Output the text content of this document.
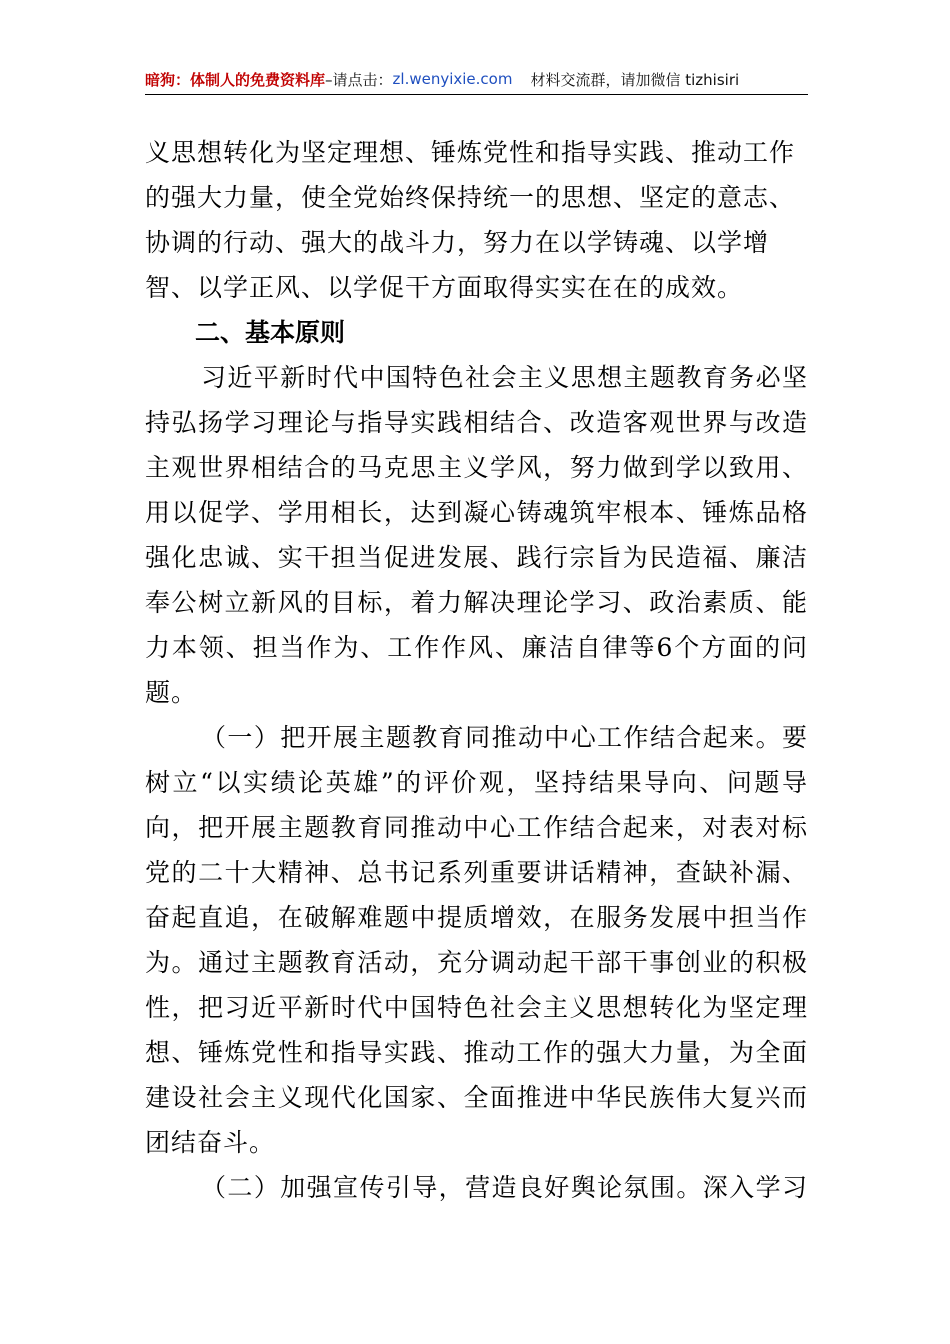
暗狗：体制人的免费资料库 –请点击： zl.wenyixie.com 材料交流群，请加微信 tizhisiri

义思想转化为坚定理想、锤炼党性和指导实践、推动工作
的强大力量，使全党始终保持统一的思想、坚定的意志、
协调的行动、强大的战斗力，努力在以学铸魂、以学增
智、以学正风、以学促干方面取得实实在在的成效。

二、基本原则

习近平新时代中国特色社会主义思想主题教育务必坚
持弘扬学习理论与指导实践相结合、改造客观世界与改造
主观世界相结合的马克思主义学风，努力做到学以致用、
用以促学、学用相长，达到凝心铸魂筑牢根本、锤炼品格
强化忠诚、实干担当促进发展、践行宗旨为民造福、廉洁
奉公树立新风的目标，着力解决理论学习、政治素质、能
力本领、担当作为、工作作风、廉洁自律等6个方面的问
题。

（一）把开展主题教育同推动中心工作结合起来。要
树立“以实绩论英雄”的评价观，坚持结果导向、问题导
向，把开展主题教育同推动中心工作结合起来，对表对标
党的二十大精神、总书记系列重要讲话精神，查缺补漏、
奋起直追，在破解难题中提质增效，在服务发展中担当作
为。通过主题教育活动，充分调动起干部干事创业的积极
性，把习近平新时代中国特色社会主义思想转化为坚定理
想、锤炼党性和指导实践、推动工作的强大力量，为全面
建设社会主义现代化国家、全面推进中华民族伟大复兴而
团结奋斗。

（二）加强宣传引导，营造良好舆论氛围。深入学习
